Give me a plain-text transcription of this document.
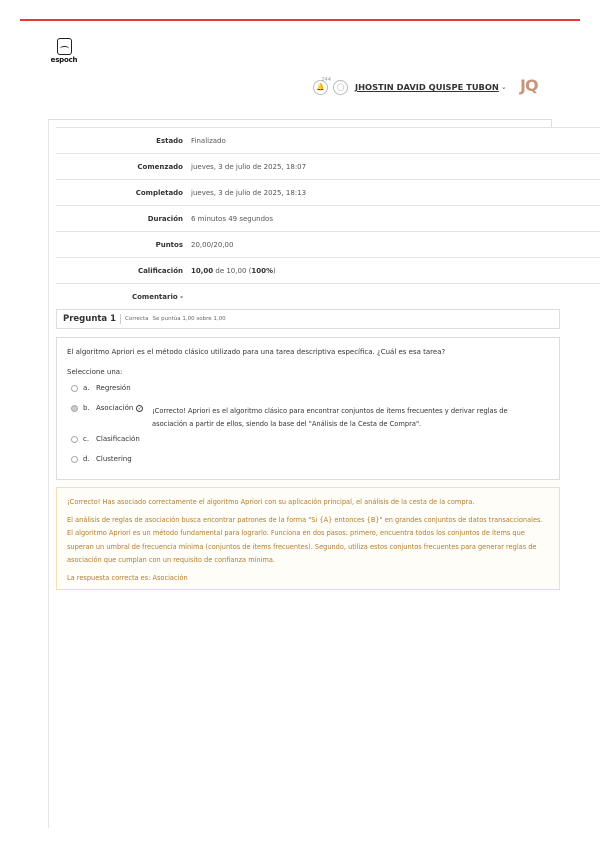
espoch
🔔
244
◯	JHOSTIN DAVID QUISPE TUBON ⌄ JQ
Estado Finalizado
Comenzado jueves, 3 de julio de 2025, 18:07
Completado jueves, 3 de julio de 2025, 18:13
Duración 6 minutos 49 segundos
Puntos 20,00/20,00
Calificación 10,00 de 10,00 (100%)
Comentario -
Pregunta 1 Correcta Se puntúa 1,00 sobre 1,00
El algoritmo Apriori es el método clásico utilizado para una tarea descriptiva específica. ¿Cuál es esa tarea?
Seleccione una:
a. Regresión
b. Asociación ✓ ¡Correcto! Apriori es el algoritmo clásico para encontrar conjuntos de ítems frecuentes y derivar reglas de asociación a partir de ellos, siendo la base del "Análisis de la Cesta de Compra".
c. Clasificación
d. Clustering

¡Correcto! Has asociado correctamente el algoritmo Apriori con su aplicación principal, el análisis de la cesta de la compra.

El análisis de reglas de asociación busca encontrar patrones de la forma "Si {A} entonces {B}" en grandes conjuntos de datos transaccionales. El algoritmo Apriori es un método fundamental para lograrlo. Funciona en dos pasos: primero, encuentra todos los conjuntos de ítems que superan un umbral de frecuencia mínima (conjuntos de ítems frecuentes). Segundo, utiliza estos conjuntos frecuentes para generar reglas de asociación que cumplan con un requisito de confianza mínima.

La respuesta correcta es: Asociación
